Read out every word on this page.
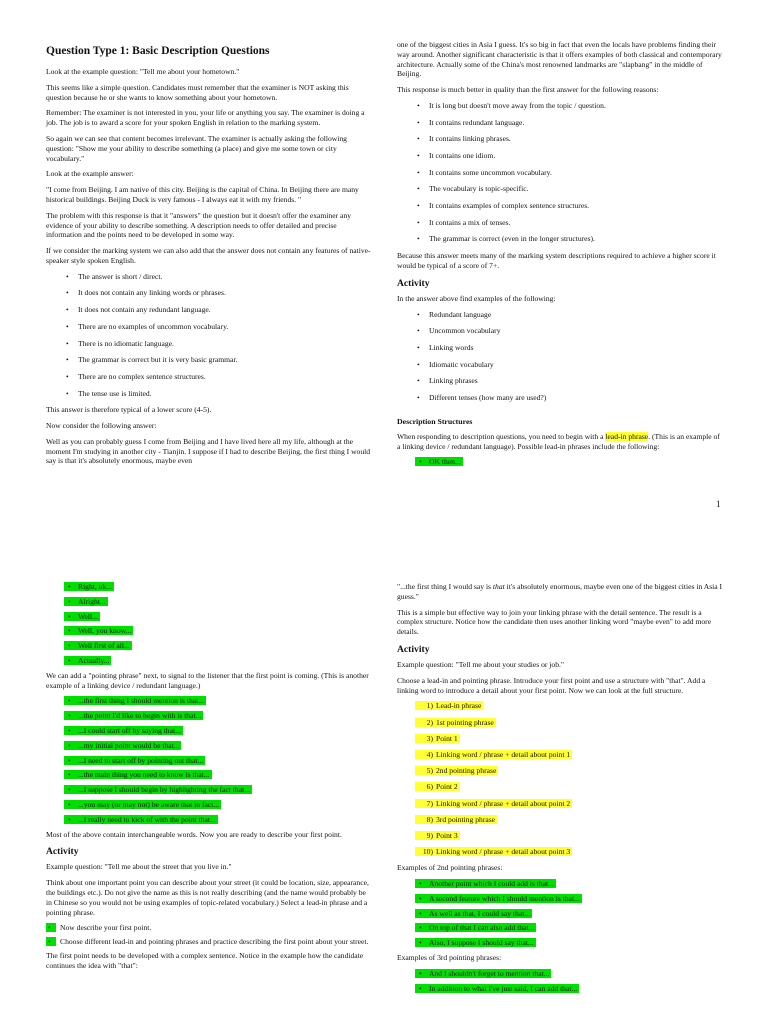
Question Type 1: Basic Description Questions

Look at the example question: "Tell me about your hometown."

This seems like a simple question. Candidates must remember that the examiner is NOT asking this question because he or she wants to know something about your hometown.

Remember: The examiner is not interested in you, your life or anything you say. The examiner is doing a job. The job is to award a score for your spoken English in relation to the marking system.

So again we can see that content becomes irrelevant. The examiner is actually asking the following question: "Show me your ability to describe something (a place) and give me some town or city vocabulary."

Look at the example answer:

"I come from Beijing. I am native of this city. Beijing is the capital of China. In Beijing there are many historical buildings. Beijing Duck is very famous - I always eat it with my friends. "

The problem with this response is that it "answers" the question but it doesn't offer the examiner any evidence of your ability to describe something. A description needs to offer detailed and precise information and the points need to be developed in some way.

If we consider the marking system we can also add that the answer does not contain any features of native-speaker style spoken English.

• The answer is short / direct.
• It does not contain any linking words or phrases.
• It does not contain any redundant language.
• There are no examples of uncommon vocabulary.
• There is no idiomatic language.
• The grammar is correct but it is very basic grammar.
• There are no complex sentence structures.
• The tense use is limited.

This answer is therefore typical of a lower score (4-5).

Now consider the following answer:

Well as you can probably guess I come from Beijing and I have lived here all my life, although at the moment I'm studying in another city - Tianjin. I suppose if I had to describe Beijing, the first thing I would say is that it's absolutely enormous, maybe even

one of the biggest cities in Asia I guess. It's so big in fact that even the locals have problems finding their way around. Another significant characteristic is that it offers examples of both classical and contemporary architecture. Actually some of the China's most renowned landmarks are "slapbang" in the middle of Beijing.

This response is much better in quality than the first answer for the following reasons:

• It is long but doesn't move away from the topic / question.
• It contains redundant language.
• It contains linking phrases.
• It contains one idiom.
• It contains some uncommon vocabulary.
• The vocabulary is topic-specific.
• It contains examples of complex sentence structures.
• It contains a mix of tenses.
• The grammar is correct (even in the longer structures).

Because this answer meets many of the marking system descriptions required to achieve a higher score it would be typical of a score of 7+.

Activity

In the answer above find examples of the following:

• Redundant language
• Uncommon vocabulary
• Linking words
• Idiomatic vocabulary
• Linking phrases
• Different tenses (how many are used?)
Description Structures

When responding to description questions, you need to begin with a lead-in phrase. (This is an example of a linking device / redundant language). Possible lead-in phrases include the following:

• OK then...
1
• Right, ok...
• Alright...
• Well...
• Well, you know...
• Well first of all...
• Actually...

We can add a "pointing phrase" next, to signal to the listener that the first point is coming. (This is another example of a linking device / redundant language.)

• ...the first thing I should mention is that...
• ...the point I'd like to begin with is that...
• ...I could start off by saying that...
• ...my initial point would be that...
• ...I need to start off by pointing out that...
• ...the main thing you need to know is that...
• ...I suppose I should begin by highlighting the fact that...
• ...you may (or may not) be aware that in fact...
• ...I really need to kick of with the point that...

Most of the above contain interchangeable words. Now you are ready to describe your first point.

Activity

Example question: "Tell me about the street that you live in."

Think about one important point you can describe about your street (it could be location, size, appearance, the buildings etc.). Do not give the name as this is not really describing (and the name would probably be in Chinese so you would not be using examples of topic-related vocabulary.) Select a lead-in phrase and a pointing phrase.

•	Now describe your first point.
•	Choose different lead-in and pointing phrases and practice describing the first point about your street.

The first point needs to be developed with a complex sentence. Notice in the example how the candidate continues the idea with "that":

"...the first thing I would say is that it's absolutely enormous, maybe even one of the biggest cities in Asia I guess."

This is a simple but effective way to join your linking phrase with the detail sentence. The result is a complex structure. Notice how the candidate then uses another linking word "maybe even" to add more details.

Activity

Example question: "Tell me about your studies or job."

Choose a lead-in and pointing phrase. Introduce your first point and use a structure with "that". Add a linking word to introduce a detail about your first point. Now we can look at the full structure.

1) Lead-in phrase
2) 1st pointing phrase
3) Point 1
4) Linking word / phrase + detail about point 1
5) 2nd pointing phrase
6) Point 2
7) Linking word / phrase + detail about point 2
8) 3rd pointing phrase
9) Point 3
10) Linking word / phrase + detail about point 3

Examples of 2nd pointing phrases:

• Another point which I could add is that...
• A second feature which I should mention is that...
• As well as that, I could say that...
• On top of that I can also add that...
• Also, I suppose I should say that...

Examples of 3rd pointing phrases:

• And I shouldn't forget to mention that...
• In addition to what I've just said, I can add that...
